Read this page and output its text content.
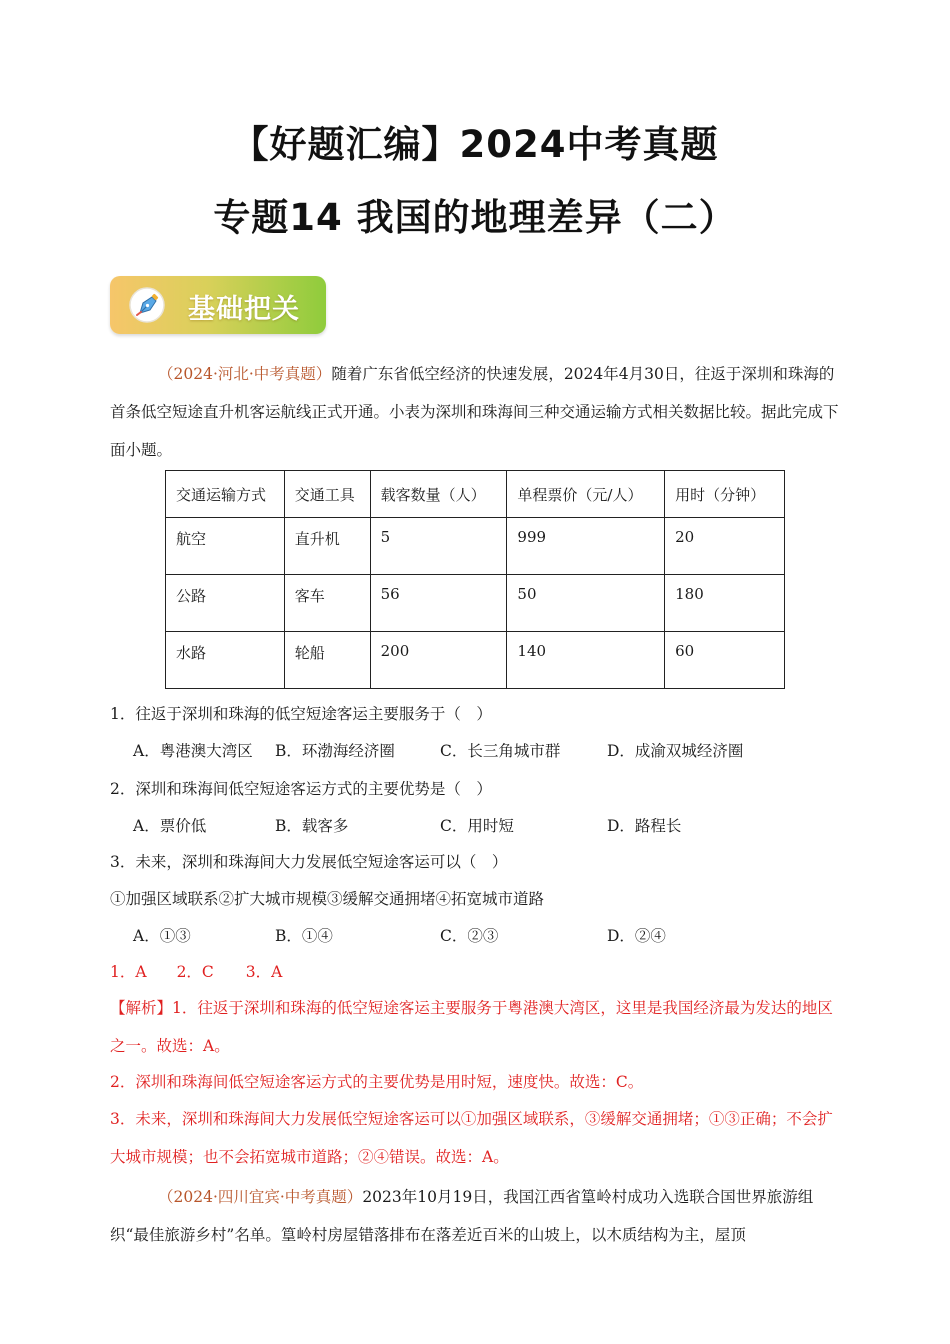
【好题汇编】2024中考真题
专题14 我国的地理差异（二）
基础把关
（2024·河北·中考真题）随着广东省低空经济的快速发展，2024年4月30日，往返于深圳和珠海的首条低空短途直升机客运航线正式开通。小表为深圳和珠海间三种交通运输方式相关数据比较。据此完成下面小题。
交通运输方式	交通工具	载客数量（人）	单程票价（元/人）	用时（分钟）
航空	直升机	5	999	20
公路	客车	56	50	180
水路	轮船	200	140	60
1．往返于深圳和珠海的低空短途客运主要服务于（　）
A．粤港澳大湾区 B．环渤海经济圈	C．长三角城市群	D．成渝双城经济圈
2．深圳和珠海间低空短途客运方式的主要优势是（　）
A．票价低	B．载客多	C．用时短	D．路程长
3．未来，深圳和珠海间大力发展低空短途客运可以（　）
①加强区域联系②扩大城市规模③缓解交通拥堵④拓宽城市道路
A．①③	B．①④	C．②③	D．②④
1．A 2．C 3．A
【解析】1．往返于深圳和珠海的低空短途客运主要服务于粤港澳大湾区，这里是我国经济最为发达的地区之一。故选：A。
2．深圳和珠海间低空短途客运方式的主要优势是用时短，速度快。故选：C。
3．未来，深圳和珠海间大力发展低空短途客运可以①加强区域联系，③缓解交通拥堵；①③正确；不会扩大城市规模；也不会拓宽城市道路；②④错误。故选：A。
（2024·四川宜宾·中考真题）2023年10月19日，我国江西省篁岭村成功入选联合国世界旅游组织“最佳旅游乡村”名单。篁岭村房屋错落排布在落差近百米的山坡上，以木质结构为主，屋顶
